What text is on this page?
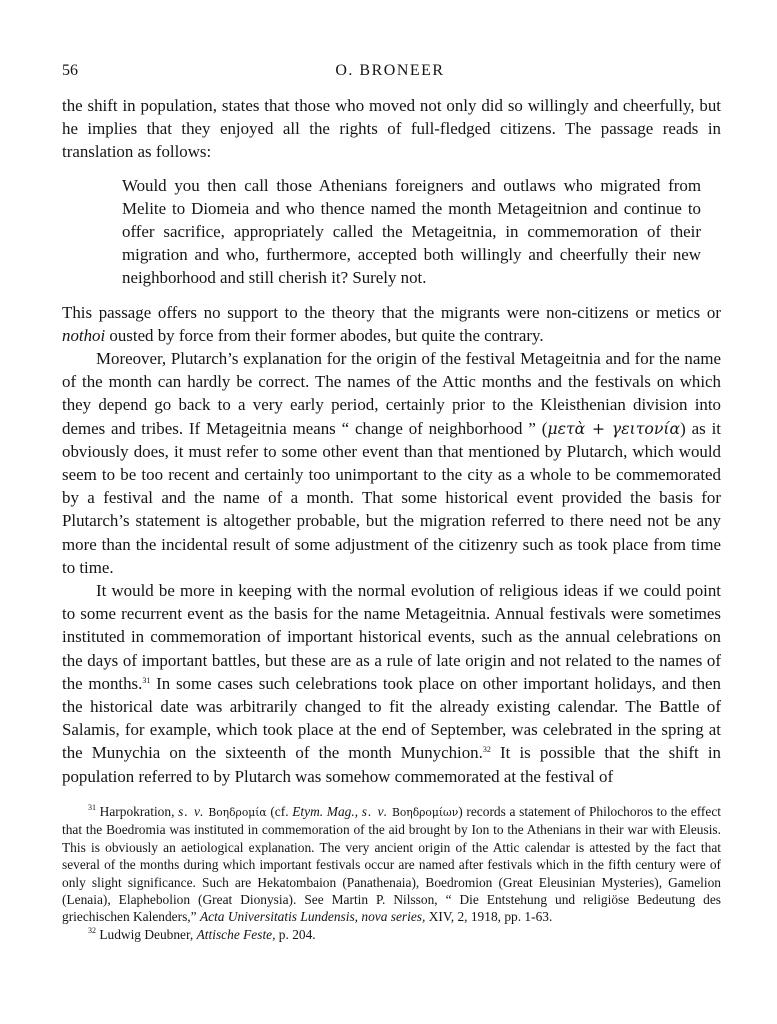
56	O. BRONEER

the shift in population, states that those who moved not only did so willingly and cheerfully, but he implies that they enjoyed all the rights of full-fledged citizens. The passage reads in translation as follows:

Would you then call those Athenians foreigners and outlaws who migrated from Melite to Diomeia and who thence named the month Metageitnion and continue to offer sacrifice, appropriately called the Metageitnia, in commemoration of their migration and who, furthermore, accepted both willingly and cheerfully their new neighborhood and still cherish it? Surely not.

This passage offers no support to the theory that the migrants were non-citizens or metics or nothoi ousted by force from their former abodes, but quite the contrary.

Moreover, Plutarch’s explanation for the origin of the festival Metageitnia and for the name of the month can hardly be correct. The names of the Attic months and the festivals on which they depend go back to a very early period, certainly prior to the Kleisthenian division into demes and tribes. If Metageitnia means “ change of neighborhood ” (μετὰ + γειτονία) as it obviously does, it must refer to some other event than that mentioned by Plutarch, which would seem to be too recent and certainly too unimportant to the city as a whole to be commemorated by a festival and the name of a month. That some historical event provided the basis for Plutarch’s statement is altogether probable, but the migration referred to there need not be any more than the incidental result of some adjustment of the citizenry such as took place from time to time.

It would be more in keeping with the normal evolution of religious ideas if we could point to some recurrent event as the basis for the name Metageitnia. Annual festivals were sometimes instituted in commemoration of important historical events, such as the annual celebrations on the days of important battles, but these are as a rule of late origin and not related to the names of the months.$^{31}$ In some cases such celebrations took place on other important holidays, and then the historical date was arbitrarily changed to fit the already existing calendar. The Battle of Salamis, for example, which took place at the end of September, was celebrated in the spring at the Munychia on the sixteenth of the month Munychion.$^{32}$ It is possible that the shift in population referred to by Plutarch was somehow commemorated at the festival of

$^{31}$ Harpokration, s. v. Βοηδρομία (cf. Etym. Mag., s. v. Βοηδρομίων) records a statement of Philochoros to the effect that the Boedromia was instituted in commemoration of the aid brought by Ion to the Athenians in their war with Eleusis. This is obviously an aetiological explanation. The very ancient origin of the Attic calendar is attested by the fact that several of the months during which important festivals occur are named after festivals which in the fifth century were of only slight significance. Such are Hekatombaion (Panathenaia), Boedromion (Great Eleusinian Mysteries), Gamelion (Lenaia), Elaphebolion (Great Dionysia). See Martin P. Nilsson, “ Die Entstehung und religiöse Bedeutung des griechischen Kalenders,” Acta Universitatis Lundensis, nova series, XIV, 2, 1918, pp. 1-63.

$^{32}$ Ludwig Deubner, Attische Feste, p. 204.
